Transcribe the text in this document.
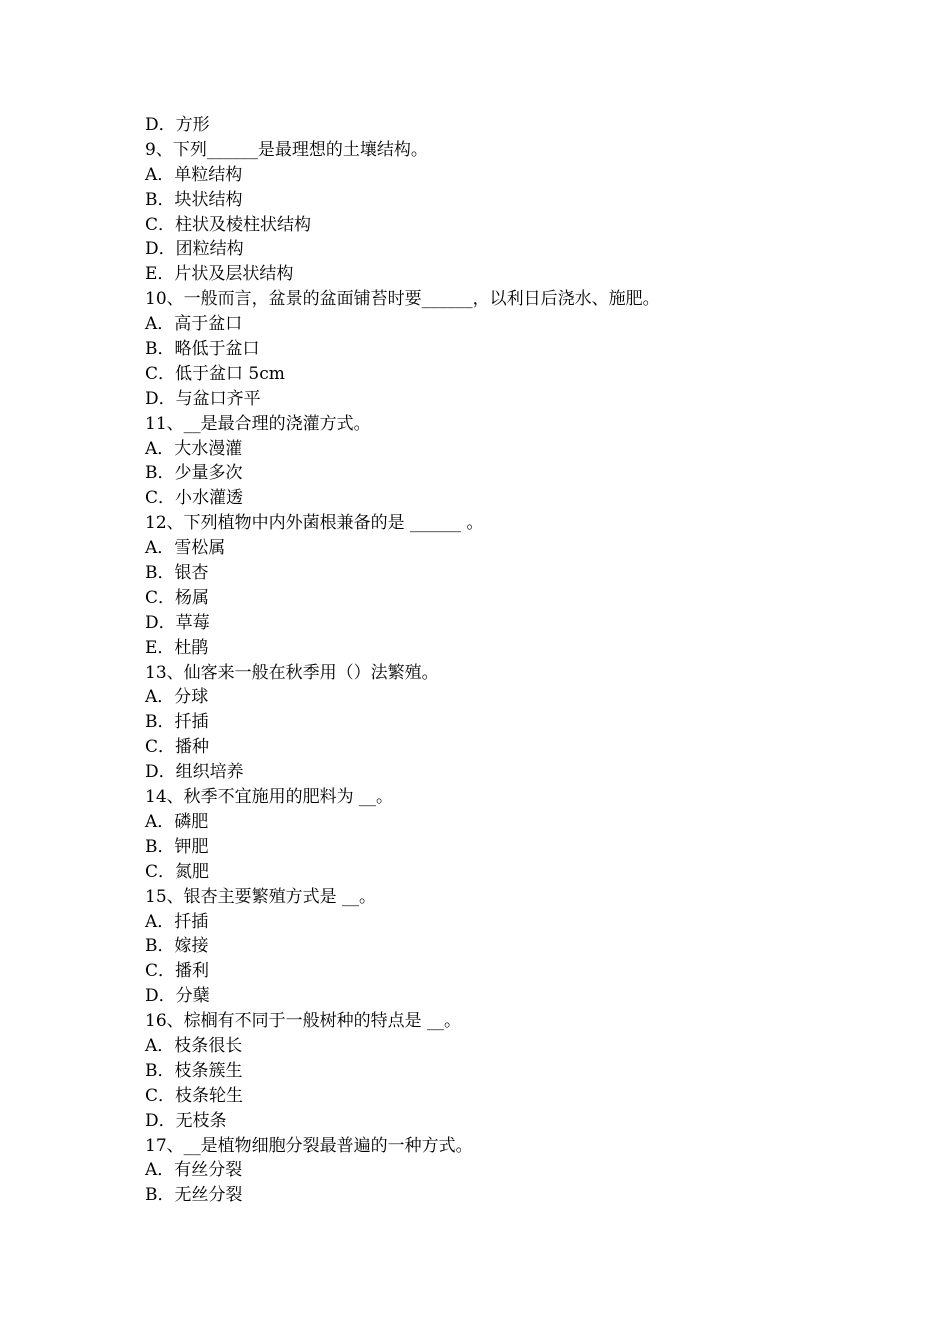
D．方形
9、下列______是最理想的土壤结构。
A．单粒结构
B．块状结构
C．柱状及棱柱状结构
D．团粒结构
E．片状及层状结构
10、一般而言，盆景的盆面铺苔时要______，以利日后浇水、施肥。
A．高于盆口
B．略低于盆口
C．低于盆口 5cm
D．与盆口齐平
11、__是最合理的浇灌方式。
A．大水漫灌
B．少量多次
C．小水灌透
12、下列植物中内外菌根兼备的是 ______ 。
A．雪松属
B．银杏
C．杨属
D．草莓
E．杜鹃
13、仙客来一般在秋季用（）法繁殖。
A．分球
B．扦插
C．播种
D．组织培养
14、秋季不宜施用的肥料为 __。
A．磷肥
B．钾肥
C．氮肥
15、银杏主要繁殖方式是 __。
A．扦插
B．嫁接
C．播利
D．分蘖
16、棕榈有不同于一般树种的特点是 __。
A．枝条很长
B．枝条簇生
C．枝条轮生
D．无枝条
17、__是植物细胞分裂最普遍的一种方式。
A．有丝分裂
B．无丝分裂
